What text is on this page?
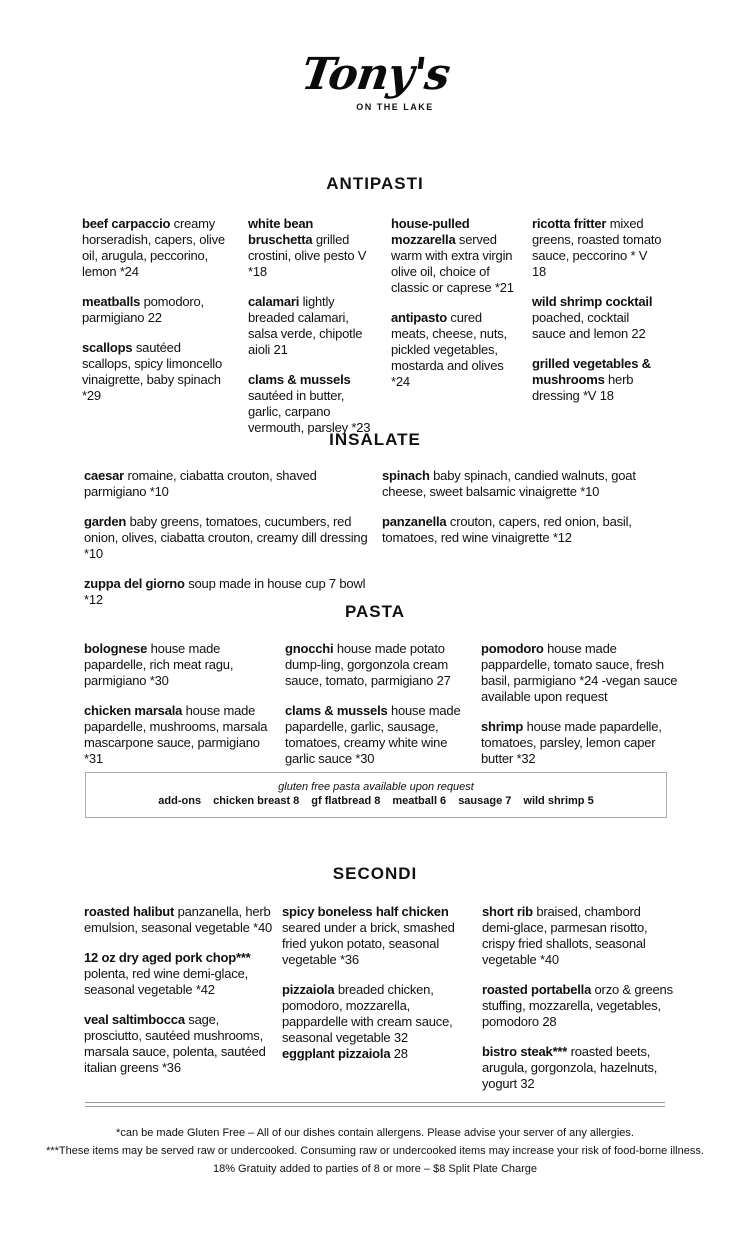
Tony's
ON THE LAKE
ANTIPASTI
beef carpaccio creamy horseradish, capers, olive oil, arugula, peccorino, lemon *24
meatballs pomodoro, parmigiano 22
scallops sautéed scallops, spicy limoncello vinaigrette, baby spinach *29
white bean bruschetta grilled crostini, olive pesto V *18
calamari lightly breaded calamari, salsa verde, chipotle aioli 21
clams & mussels sautéed in butter, garlic, carpano vermouth, parsley *23
house-pulled mozzarella served warm with extra virgin olive oil, choice of classic or caprese *21
antipasto cured meats, cheese, nuts, pickled vegetables, mostarda and olives *24
ricotta fritter mixed greens, roasted tomato sauce, peccorino * V 18
wild shrimp cocktail poached, cocktail sauce and lemon 22
grilled vegetables & mushrooms herb dressing *V 18
INSALATE
caesar romaine, ciabatta crouton, shaved parmigiano *10
garden baby greens, tomatoes, cucumbers, red onion, olives, ciabatta crouton, creamy dill dressing *10
zuppa del giorno soup made in house cup 7 bowl *12
spinach baby spinach, candied walnuts, goat cheese, sweet balsamic vinaigrette *10
panzanella crouton, capers, red onion, basil, tomatoes, red wine vinaigrette *12
PASTA
bolognese house made papardelle, rich meat ragu, parmigiano *30
chicken marsala house made papardelle, mushrooms, marsala mascarpone sauce, parmigiano *31
gnocchi house made potato dump-ling, gorgonzola cream sauce, tomato, parmigiano 27
clams & mussels house made papardelle, garlic, sausage, tomatoes, creamy white wine garlic sauce *30
pomodoro house made pappardelle, tomato sauce, fresh basil, parmigiano *24 -vegan sauce available upon request
shrimp house made papardelle, tomatoes, parsley, lemon caper butter *32
gluten free pasta available upon request
add-ons chicken breast 8 gf flatbread 8 meatball 6 sausage 7 wild shrimp 5
SECONDI
roasted halibut panzanella, herb emulsion, seasonal vegetable *40
12 oz dry aged pork chop*** polenta, red wine demi-glace, seasonal vegetable *42
veal saltimbocca sage, prosciutto, sautéed mushrooms, marsala sauce, polenta, sautéed italian greens *36
spicy boneless half chicken seared under a brick, smashed fried yukon potato, seasonal vegetable *36
pizzaiola breaded chicken, pomodoro, mozzarella, pappardelle with cream sauce, seasonal vegetable 32
eggplant pizzaiola 28
short rib braised, chambord demi-glace, parmesan risotto, crispy fried shallots, seasonal vegetable *40
roasted portabella orzo & greens stuffing, mozzarella, vegetables, pomodoro 28
bistro steak*** roasted beets, arugula, gorgonzola, hazelnuts, yogurt 32
*can be made Gluten Free – All of our dishes contain allergens. Please advise your server of any allergies.
***These items may be served raw or undercooked. Consuming raw or undercooked items may increase your risk of food-borne illness.
18% Gratuity added to parties of 8 or more – $8 Split Plate Charge
